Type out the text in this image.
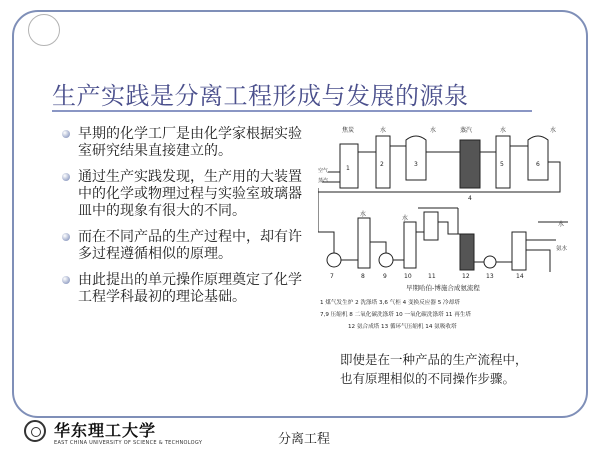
生产实践是分离工程形成与发展的源泉
早期的化学工厂是由化学家根据实验室研究结果直接建立的。
通过生产实践发现，生产用的大装置中的化学或物理过程与实验室玻璃器皿中的现象有很大的不同。
而在不同产品的生产过程中，却有许多过程遵循相似的原理。
由此提出的单元操作原理奠定了化学工程学科最初的理论基础。
焦炭
空气
蒸汽
水	水	蒸汽	水	水
水
水
水
氨水
1
2	3
4
5	6
7	8	9	10	11	12	13	14
早期哈伯-博施合成氨流程
1 煤气发生炉 2 洗涤塔 3,6 气柜 4 变换反应器 5 冷却塔
7,9 压缩机 8 二氧化碳洗涤塔 10 一氧化碳洗涤塔 11 再生塔
12 氨合成塔 13 循环气压缩机 14 氨吸收塔
即使是在一种产品的生产流程中，
也有原理相似的不同操作步骤。
华东理工大学
EAST CHINA UNIVERSITY OF SCIENCE & TECHNOLOGY	分离工程
